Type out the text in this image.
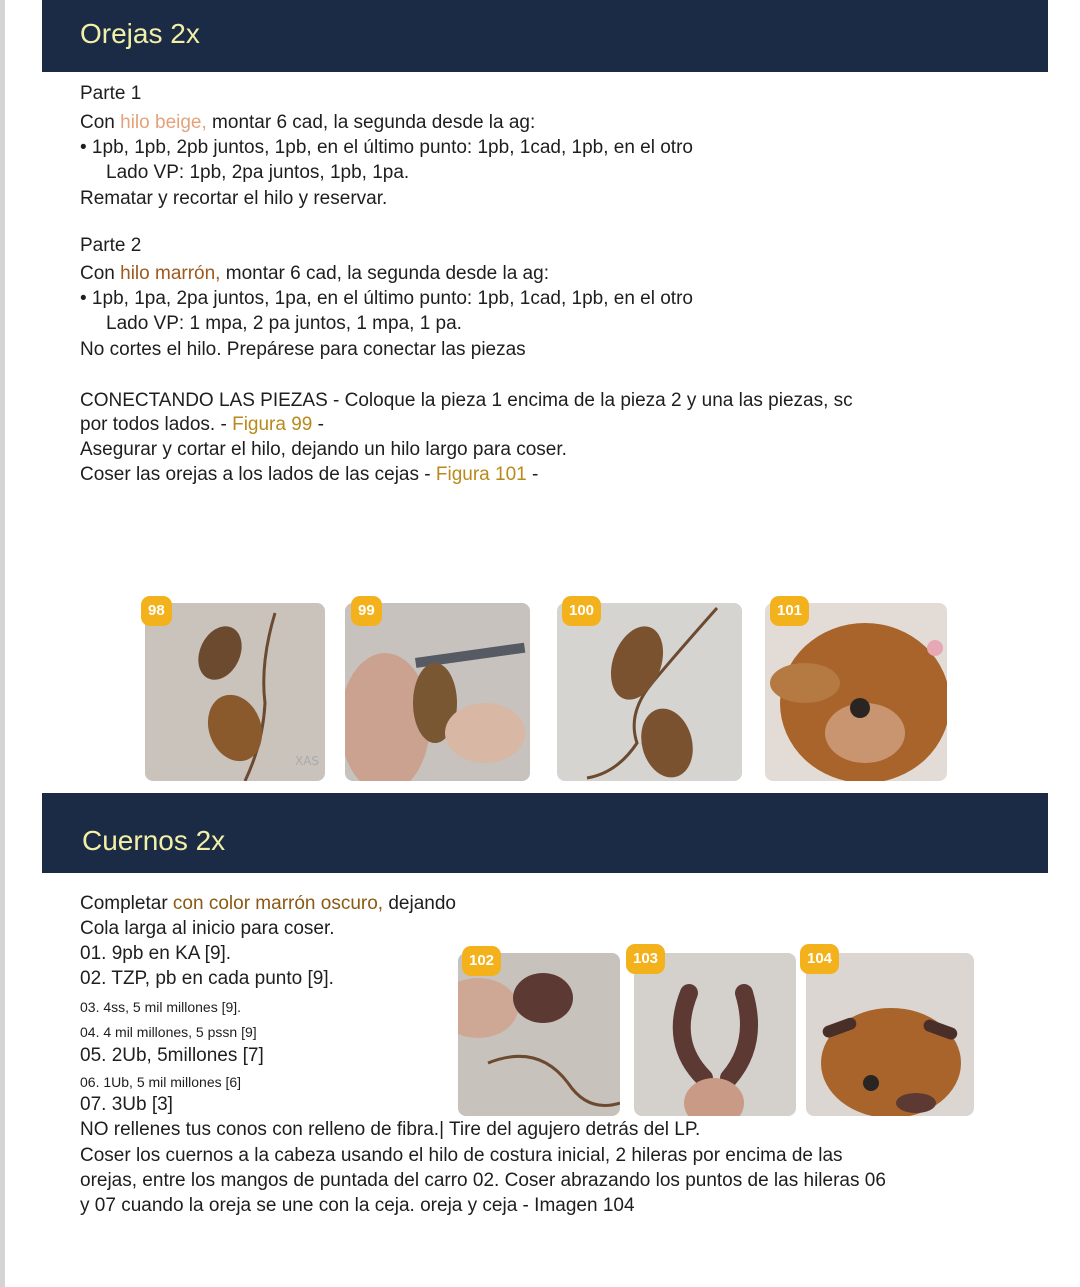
Orejas 2x
Parte 1
Con hilo beige, montar 6 cad, la segunda desde la ag:
• 1pb, 1pb, 2pb juntos, 1pb, en el último punto: 1pb, 1cad, 1pb, en el otro
Lado VP: 1pb, 2pa juntos, 1pb, 1pa.
Rematar y recortar el hilo y reservar.
Parte 2
Con hilo marrón, montar 6 cad, la segunda desde la ag:
• 1pb, 1pa, 2pa juntos, 1pa, en el último punto: 1pb, 1cad, 1pb, en el otro
Lado VP: 1 mpa, 2 pa juntos, 1 mpa, 1 pa.
No cortes el hilo. Prepárese para conectar las piezas
CONECTANDO LAS PIEZAS - Coloque la pieza 1 encima de la pieza 2 y una las piezas, sc
por todos lados. - Figura 99 -
Asegurar y cortar el hilo, dejando un hilo largo para coser.
Coser las orejas a los lados de las cejas - Figura 101 -
XAS
98	99	100	101
Cuernos 2x
Completar con color marrón oscuro, dejando
Cola larga al inicio para coser.
01. 9pb en KA [9].
02. TZP, pb en cada punto [9].
03. 4ss, 5 mil millones [9].
04. 4 mil millones, 5 pssn [9]
05. 2Ub, 5millones [7]
06. 1Ub, 5 mil millones [6]
07. 3Ub [3]
102	103	104
NO rellenes tus conos con relleno de fibra.| Tire del agujero detrás del LP.
Coser los cuernos a la cabeza usando el hilo de costura inicial, 2 hileras por encima de las
orejas, entre los mangos de puntada del carro 02. Coser abrazando los puntos de las hileras 06
y 07 cuando la oreja se une con la ceja. oreja y ceja - Imagen 104
